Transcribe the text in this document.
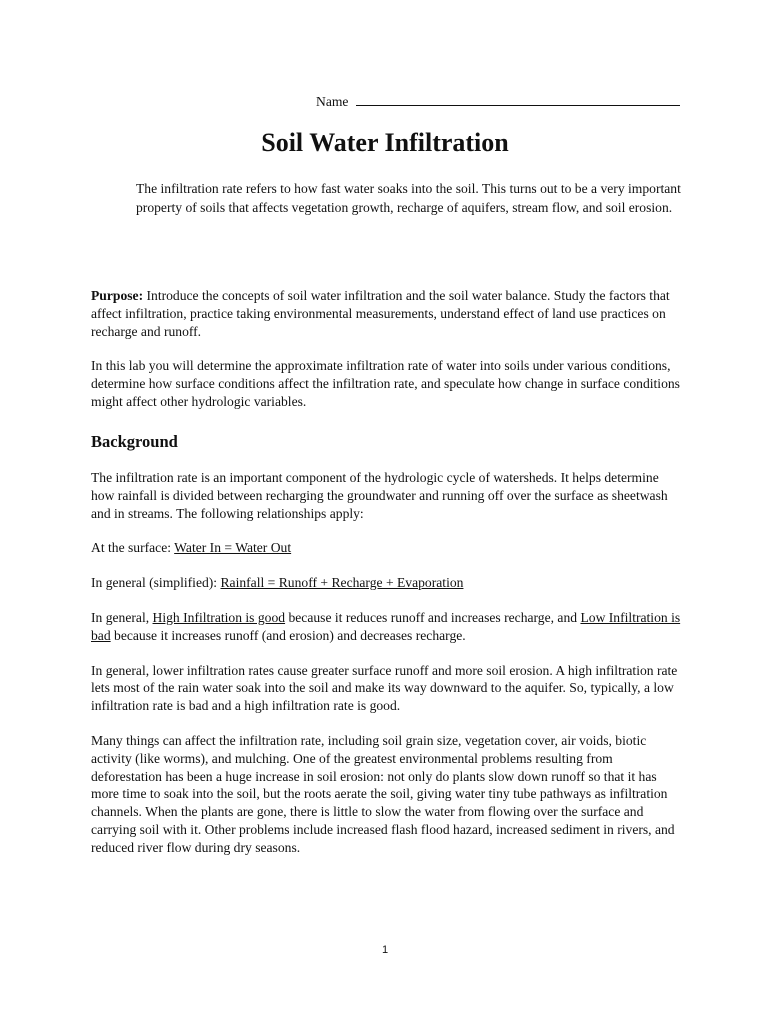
Name
Soil Water Infiltration

The infiltration rate refers to how fast water soaks into the soil. This turns out to be a very important property of soils that affects vegetation growth, recharge of aquifers, stream flow, and soil erosion.

Purpose: Introduce the concepts of soil water infiltration and the soil water balance. Study the factors that affect infiltration, practice taking environmental measurements, understand effect of land use practices on recharge and runoff.

In this lab you will determine the approximate infiltration rate of water into soils under various conditions, determine how surface conditions affect the infiltration rate, and speculate how change in surface conditions might affect other hydrologic variables.

Background

The infiltration rate is an important component of the hydrologic cycle of watersheds. It helps determine how rainfall is divided between recharging the groundwater and running off over the surface as sheetwash and in streams. The following relationships apply:

At the surface: Water In = Water Out

In general (simplified): Rainfall = Runoff + Recharge + Evaporation

In general, High Infiltration is good because it reduces runoff and increases recharge, and Low Infiltration is bad because it increases runoff (and erosion) and decreases recharge.

In general, lower infiltration rates cause greater surface runoff and more soil erosion. A high infiltration rate lets most of the rain water soak into the soil and make its way downward to the aquifer. So, typically, a low infiltration rate is bad and a high infiltration rate is good.

Many things can affect the infiltration rate, including soil grain size, vegetation cover, air voids, biotic activity (like worms), and mulching. One of the greatest environmental problems resulting from deforestation has been a huge increase in soil erosion: not only do plants slow down runoff so that it has more time to soak into the soil, but the roots aerate the soil, giving water tiny tube pathways as infiltration channels. When the plants are gone, there is little to slow the water from flowing over the surface and carrying soil with it. Other problems include increased flash flood hazard, increased sediment in rivers, and reduced river flow during dry seasons.

1
